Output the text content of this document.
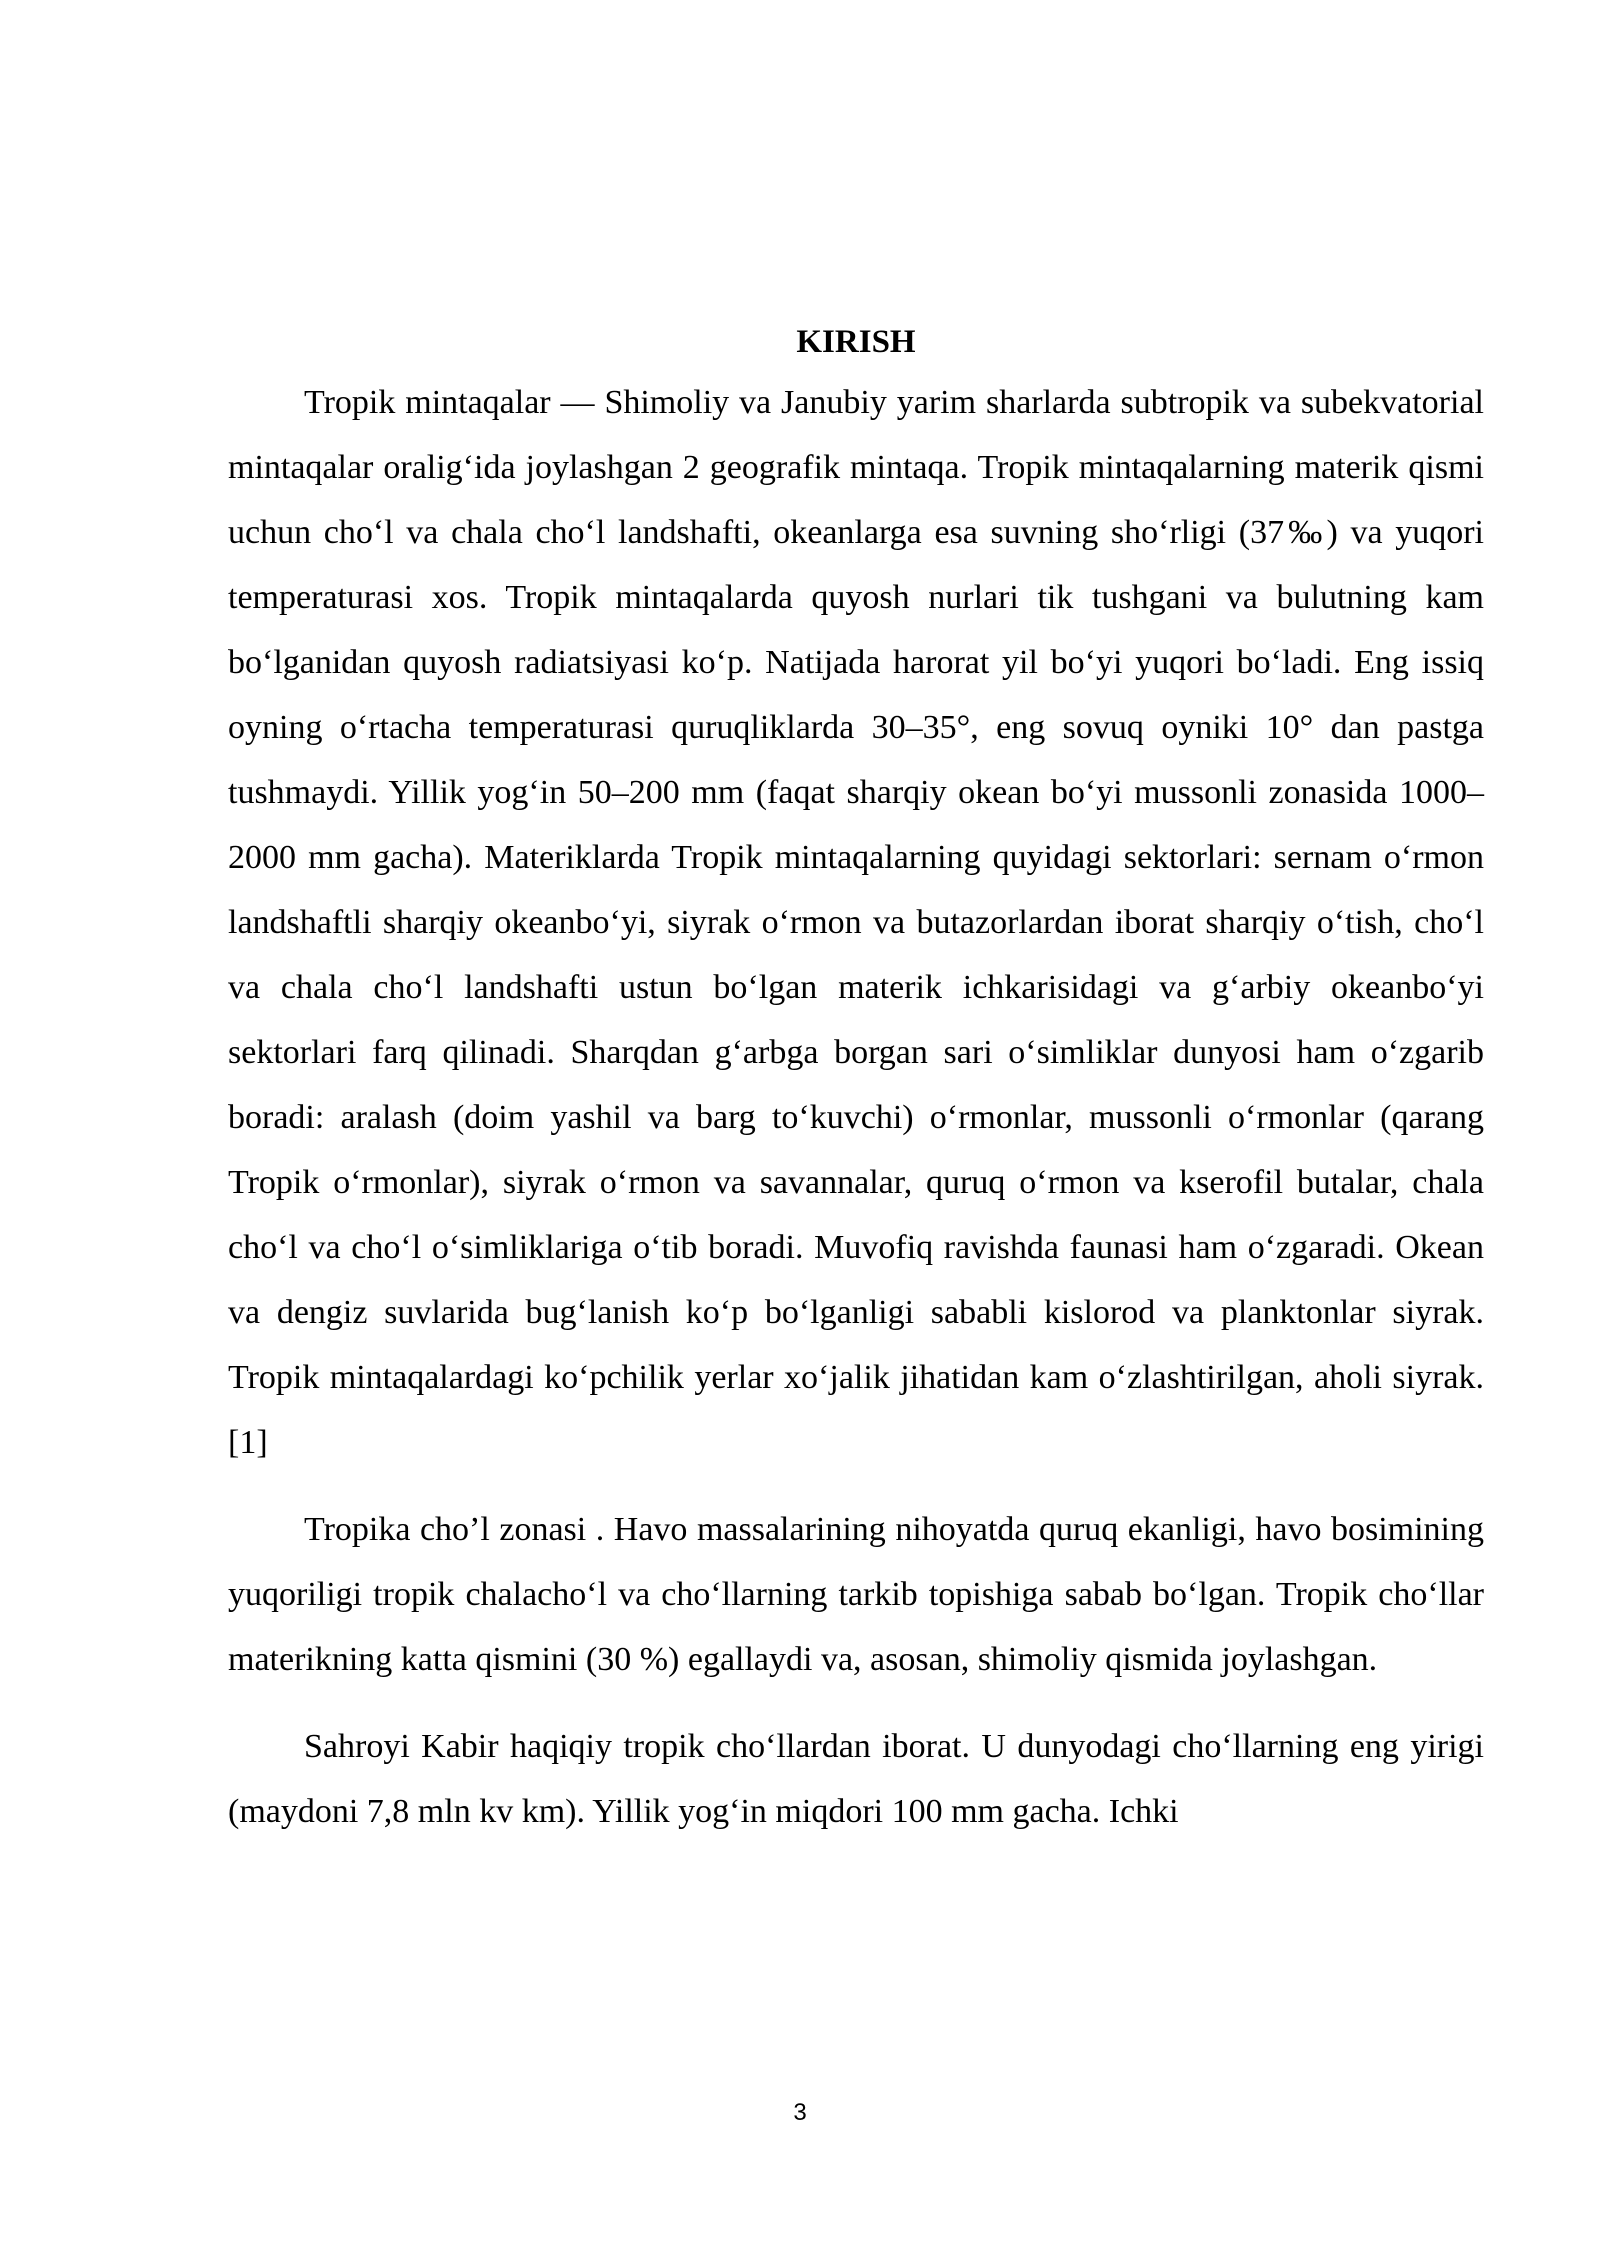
KIRISH

Tropik mintaqalar — Shimoliy va Janubiy yarim sharlarda subtropik va subekvatorial mintaqalar oralig‘ida joylashgan 2 geografik mintaqa. Tropik mintaqalarning materik qismi uchun cho‘l va chala cho‘l landshafti, okeanlarga esa suvning sho‘rligi (37‰) va yuqori temperaturasi xos. Tropik mintaqalarda quyosh nurlari tik tushgani va bulutning kam bo‘lganidan quyosh radiatsiyasi ko‘p. Natijada harorat yil bo‘yi yuqori bo‘ladi. Eng issiq oyning o‘rtacha temperaturasi quruqliklarda 30–35°, eng sovuq oyniki 10° dan pastga tushmaydi. Yillik yog‘in 50–200 mm (faqat sharqiy okean bo‘yi mussonli zonasida 1000–2000 mm gacha). Materiklarda Tropik mintaqalarning quyidagi sektorlari: sernam o‘rmon landshaftli sharqiy okeanbo‘yi, siyrak o‘rmon va butazorlardan iborat sharqiy o‘tish, cho‘l va chala cho‘l landshafti ustun bo‘lgan materik ichkarisidagi va g‘arbiy okeanbo‘yi sektorlari farq qilinadi. Sharqdan g‘arbga borgan sari o‘simliklar dunyosi ham o‘zgarib boradi: aralash (doim yashil va barg to‘kuvchi) o‘rmonlar, mussonli o‘rmonlar (qarang Tropik o‘rmonlar), siyrak o‘rmon va savannalar, quruq o‘rmon va kserofil butalar, chala cho‘l va cho‘l o‘simliklariga o‘tib boradi. Muvofiq ravishda faunasi ham o‘zgaradi. Okean va dengiz suvlarida bug‘lanish ko‘p bo‘lganligi sababli kislorod va planktonlar siyrak. Tropik mintaqalardagi ko‘pchilik yerlar xo‘jalik jihatidan kam o‘zlashtirilgan, aholi siyrak.[1]

Tropika cho’l zonasi . Havo massalarining nihoyatda quruq ekanligi, havo bosimining yuqoriligi tropik chalacho‘l va cho‘llarning tarkib topishiga sabab bo‘lgan. Tropik cho‘llar materikning katta qismini (30 %) egallaydi va, asosan, shimoliy qismida joylashgan.

Sahroyi Kabir haqiqiy tropik cho‘llardan iborat. U dunyodagi cho‘llarning eng yirigi (maydoni 7,8 mln kv km). Yillik yog‘in miqdori 100 mm gacha. Ichki

3
